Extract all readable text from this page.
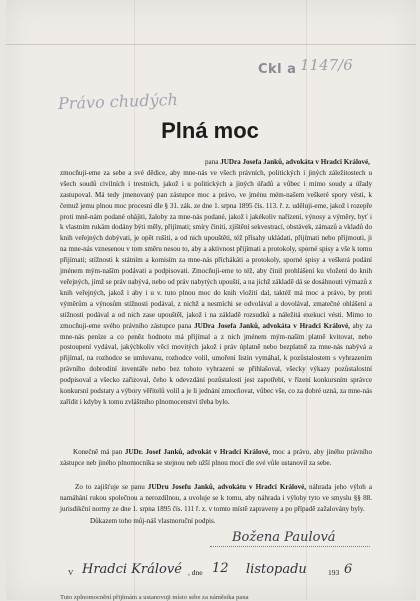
Ckl a 1147/6
Právo chudých
Plná moc
pana JUDra Josefa Janků, advokáta v Hradci Králové,
zmocňuji-eme za sebe a své dědice, aby mne-nás ve všech právních, politických i jiných záležitostech u všech soudů civilních i trestních, jakož i u politických a jiných úřadů a vůbec i mimo soudy a úřady zastupoval. Má tedy jmenovaný pan zástupce moc a právo, ve jménu mém-našem veškeré spory vésti, k čemuž jemu plnou moc procesní dle § 31. zák. ze dne 1. srpna 1895 čís. 113. ř. z. uděluji-eme, jakož i rozepře proti mně-nám podané ohájiti, žaloby za mne-nás podané, jakož i jakékoliv nařízení, výnosy a výměry, byť i k vlastním rukám dodány býti měly, přijímati; smíry činiti, zjištění sekvestrací, obstávek, zámazů a vkladů do knih veřejných dobývati, je opět rušiti, a od nich upouštěti, též přísahy ukládati, přijímati nebo přijmouti, ji na mne-nás vznesenou v tom směru nesou to, aby a aktivnost přijímati a protokoly, sporné spisy a vše k tomu přijímati; stížnosti k státním a komisím za mne-nás příchákáti a protokoly, sporné spisy a veškerá podání jménem mým-naším podávati a podpisovati. Zmocňuji-eme to též, aby činil prohlášení ku vložení do knih veřejných, jímž se práv nabývá, nebo od práv nabytých upouští, a na jichž základě dá se dosáhnouti výmazů z knih veřejných, jakož i aby i u v. tuto plnou moc do knih vložití dal, taktéž má moc a právo, by proti výměrům a výnosům stížnosti podával, z nichž a nesmíchi se odvolával a dovolával, zmatečné ohlášení a stížnosti podával a od nich zase upouštěl, jakož i na základě rozsudků a náležitá exekuci vésti. Mimo to zmocňuji-eme svého právního zástupce pana JUDra Josefa Janků, advokáta v Hradci Králové, aby za mne-nás peníze a co peněz hodnoto má přijímal a z nich jménem mým-naším platně kvitovat, nebo postoupení vydával, jakýchkoliv věcí movitých jakož i práv úplatně nebo bezplatně za mne-nás nabývá a přijímal, na rozhodce se umluvanu, rozhodce volil, umoření listin vymáhal, k pozůstalostem s vyhrazením právního dobrodiní inventáře nebo bez tohoto vyhrazení se přihlašoval, všecky výkazy pozůstalostní podpisoval a všecko zařizoval, čeho k odevzdání pozůstalosti jest zapotřebí, v řízení konkursním správce konkursní podstaty a výbory věřitelů volil a je li jednání zmocňovat, vůbec vše, co za dobré uzná, za mne-nás zařídit i kdyby k tomu zvláštního plnomocenství třeba bylo.
Konečně má pan JUDr. Josef Janků, advokát v Hradci Králové, moc a právo, aby jiného právního zástupce neb jiného plnomocníka se stejnou neb užší plnou mocí dle své vůle ustanovil za sebe.
Zo to zajišťuje se panu JUDru Josefu Janků, advokátu v Hradci Králové, náhrada jeho výloh a namáhání rukou společnou a nerozdílnou, a uvoluje se k tomu, aby náhrada i výlohy tyto ve smyslu §§ 88. jurisdikční normy ze dne 1. srpna 1895 čís. 111 ř. z. v tomto místě zapraveny a po případě zažalovány byly.
Důkazem toho můj-náš vlastnoruční podpis.
Božena Paulová
V Hradci Králové , dne 12 listopadu	193 6
Tuto zplnomocnění přijímám a ustanovuji místo sebe za náměstka pana
